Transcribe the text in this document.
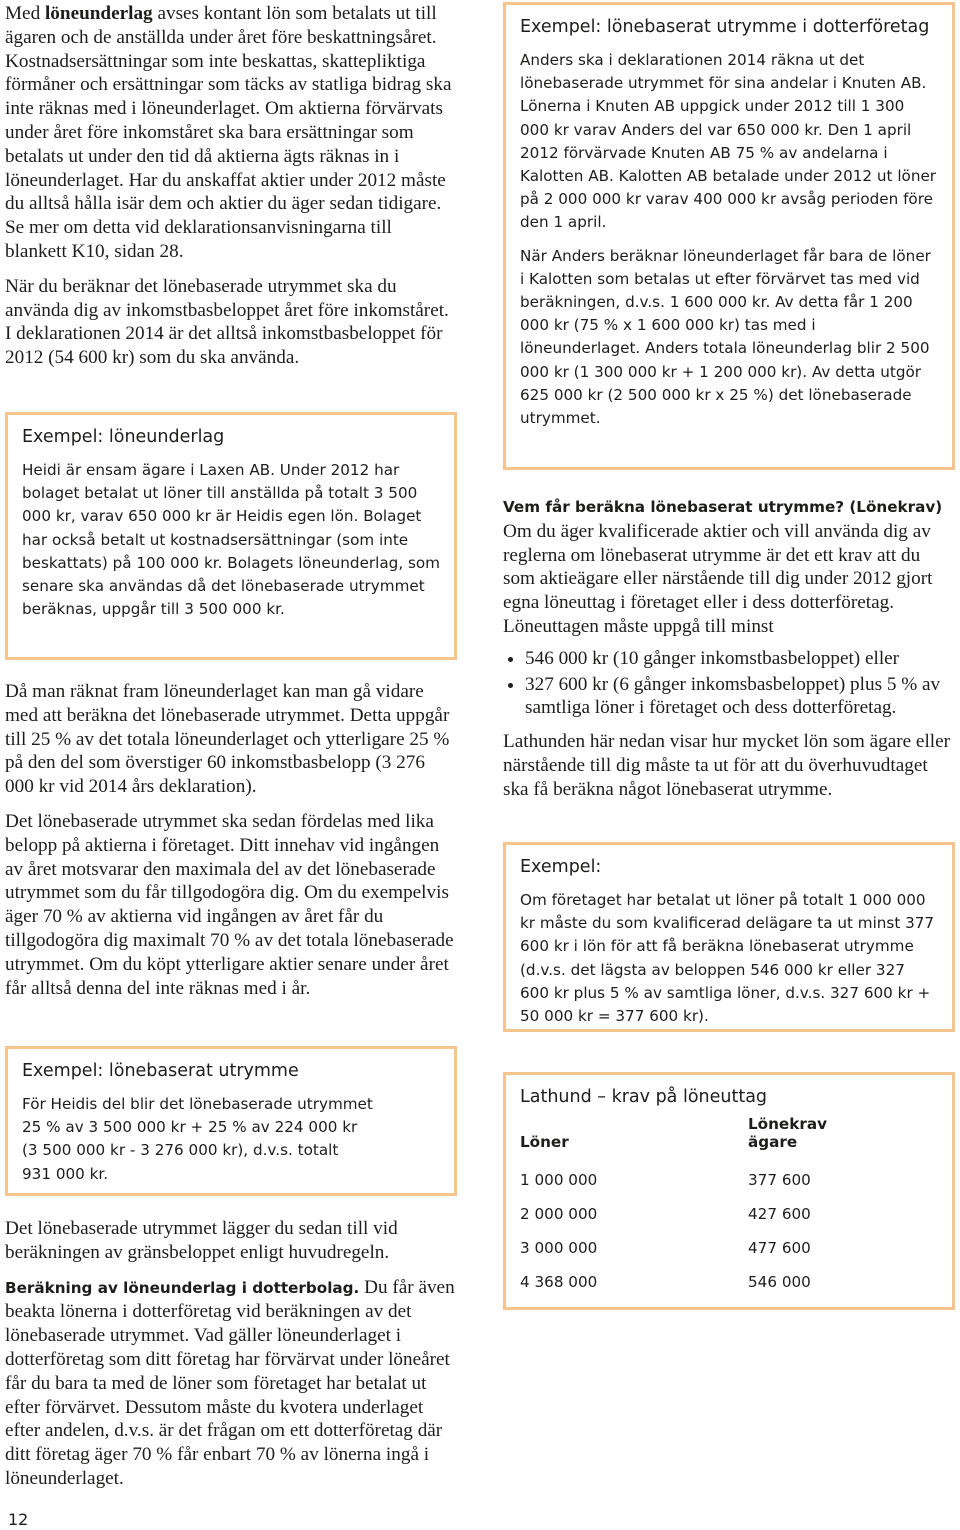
Med löneunderlag avses kontant lön som betalats ut till ägaren och de anställda under året före beskattningsåret. Kostnadsersättningar som inte beskattas, skattepliktiga förmåner och ersättningar som täcks av statliga bidrag ska inte räknas med i löneunderlaget. Om aktierna förvärvats under året före inkomståret ska bara ersättningar som betalats ut under den tid då aktierna ägts räknas in i löneunderlaget. Har du anskaffat aktier under 2012 måste du alltså hålla isär dem och aktier du äger sedan tidigare. Se mer om detta vid deklarationsanvisningarna till blankett K10, sidan 28.

När du beräknar det lönebaserade utrymmet ska du använda dig av inkomstbasbeloppet året före inkomståret. I deklarationen 2014 är det alltså inkomstbasbeloppet för 2012 (54 600 kr) som du ska använda.

Exempel: löneunderlag
Heidi är ensam ägare i Laxen AB. Under 2012 har bolaget betalat ut löner till anställda på totalt 3 500 000 kr, varav 650 000 kr är Heidis egen lön. Bolaget har också betalt ut kostnadsersättningar (som inte beskattats) på 100 000 kr. Bolagets löneunderlag, som senare ska användas då det lönebaserade utrymmet beräknas, uppgår till 3 500 000 kr.

Då man räknat fram löneunderlaget kan man gå vidare med att beräkna det lönebaserade utrymmet. Detta uppgår till 25 % av det totala löneunderlaget och ytterligare 25 % på den del som överstiger 60 inkomstbasbelopp (3 276 000 kr vid 2014 års deklaration).

Det lönebaserade utrymmet ska sedan fördelas med lika belopp på aktierna i företaget. Ditt innehav vid ingången av året motsvarar den maximala del av det lönebaserade utrymmet som du får tillgodogöra dig. Om du exempelvis äger 70 % av aktierna vid ingången av året får du tillgodogöra dig maximalt 70 % av det totala lönebaserade utrymmet. Om du köpt ytterligare aktier senare under året får alltså denna del inte räknas med i år.

Exempel: lönebaserat utrymme
För Heidis del blir det lönebaserade utrymmet
25 % av 3 500 000 kr + 25 % av 224 000 kr
(3 500 000 kr - 3 276 000 kr), d.v.s. totalt
931 000 kr.

Det lönebaserade utrymmet lägger du sedan till vid beräkningen av gränsbeloppet enligt huvudregeln.

Beräkning av löneunderlag i dotterbolag. Du får även beakta lönerna i dotterföretag vid beräkningen av det lönebaserade utrymmet. Vad gäller löneunderlaget i dotterföretag som ditt företag har förvärvat under löneåret får du bara ta med de löner som företaget har betalat ut efter förvärvet. Dessutom måste du kvotera underlaget efter andelen, d.v.s. är det frågan om ett dotterföretag där ditt företag äger 70 % får enbart 70 % av lönerna ingå i löneunderlaget.

Exempel: lönebaserat utrymme i dotterföretag

Anders ska i deklarationen 2014 räkna ut det lönebaserade utrymmet för sina andelar i Knuten AB. Lönerna i Knuten AB uppgick under 2012 till 1 300 000 kr varav Anders del var 650 000 kr. Den 1 april 2012 förvärvade Knuten AB 75 % av andelarna i Kalotten AB. Kalotten AB betalade under 2012 ut löner på 2 000 000 kr varav 400 000 kr avsåg perioden före den 1 april.

När Anders beräknar löneunderlaget får bara de löner i Kalotten som betalas ut efter förvärvet tas med vid beräkningen, d.v.s. 1 600 000 kr. Av detta får 1 200 000 kr (75 % x 1 600 000 kr) tas med i löneunderlaget. Anders totala löneunderlag blir 2 500 000 kr (1 300 000 kr + 1 200 000 kr). Av detta utgör 625 000 kr (2 500 000 kr x 25 %) det lönebaserade utrymmet.

Vem får beräkna lönebaserat utrymme? (Lönekrav)

Om du äger kvalificerade aktier och vill använda dig av reglerna om lönebaserat utrymme är det ett krav att du som aktieägare eller närstående till dig under 2012 gjort egna löneuttag i företaget eller i dess dotterföretag. Löneuttagen måste uppgå till minst

• 546 000 kr (10 gånger inkomstbasbeloppet) eller
• 327 600 kr (6 gånger inkomsbasbeloppet) plus 5 % av samtliga löner i företaget och dess dotterföretag.

Lathunden här nedan visar hur mycket lön som ägare eller närstående till dig måste ta ut för att du överhuvudtaget ska få beräkna något lönebaserat utrymme.

Exempel:
Om företaget har betalat ut löner på totalt 1 000 000 kr måste du som kvalificerad delägare ta ut minst 377 600 kr i lön för att få beräkna lönebaserat utrymme (d.v.s. det lägsta av beloppen 546 000 kr eller 327 600 kr plus 5 % av samtliga löner, d.v.s. 327 600 kr + 50 000 kr = 377 600 kr).
Lathund – krav på löneuttag
Löner	Lönekrav
ägare
1 000 000	377 600
2 000 000	427 600
3 000 000	477 600
4 368 000	546 000
12
